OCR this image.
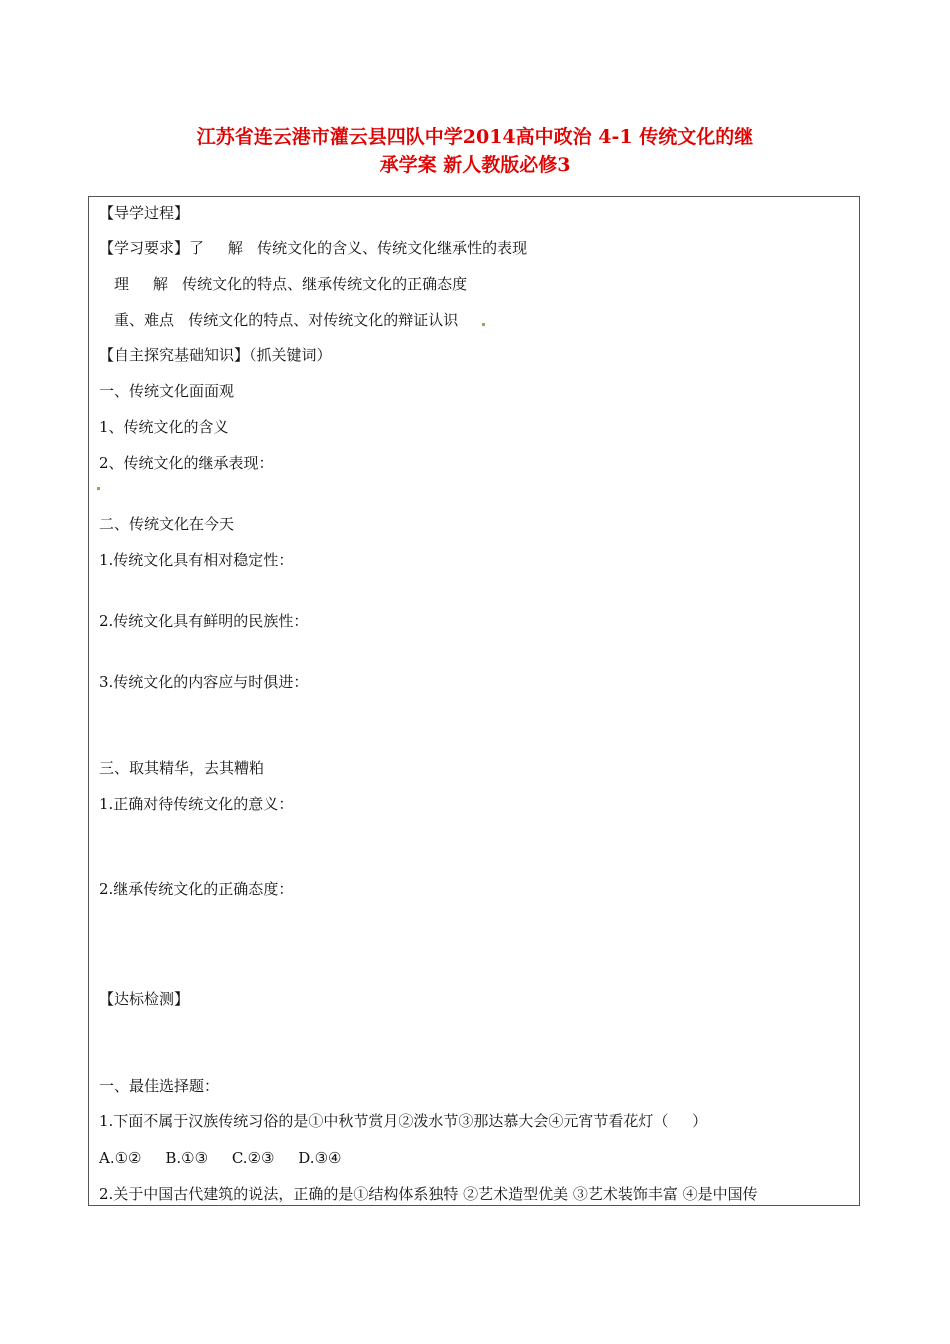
江苏省连云港市灌云县四队中学2014高中政治 4-1 传统文化的继
承学案 新人教版必修3
【导学过程】
【学习要求】了     解   传统文化的含义、传统文化继承性的表现
理     解   传统文化的特点、继承传统文化的正确态度
重、难点   传统文化的特点、对传统文化的辩证认识
【自主探究基础知识】（抓关键词）
一、传统文化面面观
1、传统文化的含义
2、传统文化的继承表现：
二、传统文化在今天
1.传统文化具有相对稳定性：
2.传统文化具有鲜明的民族性：
3.传统文化的内容应与时俱进：
三、取其精华，去其糟粕
1.正确对待传统文化的意义：
2.继承传统文化的正确态度：
【达标检测】
一、最佳选择题：
1.下面不属于汉族传统习俗的是①中秋节赏月②泼水节③那达慕大会④元宵节看花灯（     ）
A.①②     B.①③     C.②③     D.③④
2.关于中国古代建筑的说法，正确的是①结构体系独特 ②艺术造型优美 ③艺术装饰丰富 ④是中国传
